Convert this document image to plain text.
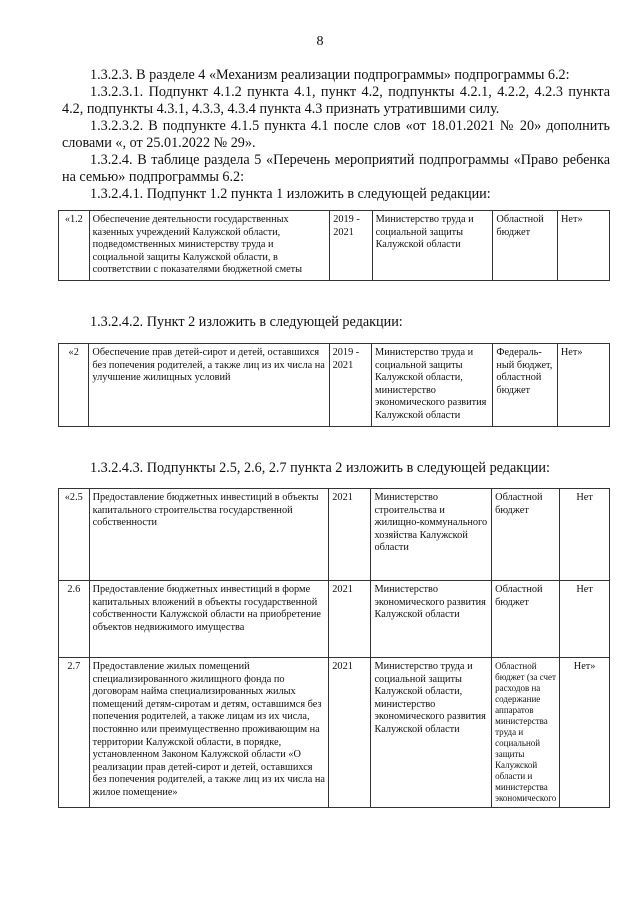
8

1.3.2.3. В разделе 4 «Механизм реализации подпрограммы» подпрограммы 6.2:

1.3.2.3.1. Подпункт 4.1.2 пункта 4.1, пункт 4.2, подпункты 4.2.1, 4.2.2, 4.2.3 пункта 4.2, подпункты 4.3.1, 4.3.3, 4.3.4 пункта 4.3 признать утратившими силу.

1.3.2.3.2. В подпункте 4.1.5 пункта 4.1 после слов «от 18.01.2021 № 20» дополнить словами «, от 25.01.2022 № 29».

1.3.2.4. В таблице раздела 5 «Перечень мероприятий подпрограммы «Право ребенка на семью» подпрограммы 6.2:

1.3.2.4.1. Подпункт 1.2 пункта 1 изложить в следующей редакции:

«1.2	Обеспечение деятельности государственных казенных учреждений Калужской области, подведомственных министерству труда и социальной защиты Калужской области, в соответствии с показателями бюджетной сметы	2019 - 2021	Министерство труда и социальной защиты Калужской области	Областной бюджет	Нет»

1.3.2.4.2. Пункт 2 изложить в следующей редакции:

«2	Обеспечение прав детей-сирот и детей, оставшихся без попечения родителей, а также лиц из их числа на улучшение жилищных условий	2019 - 2021	Министерство труда и социальной защиты Калужской области, министерство экономического развития Калужской области	Федераль-ный бюджет, областной бюджет	Нет»

1.3.2.4.3. Подпункты 2.5, 2.6, 2.7 пункта 2 изложить в следующей редакции:

«2.5	Предоставление бюджетных инвестиций в объекты капитального строительства государственной собственности	2021	Министерство строительства и жилищно-коммунального хозяйства Калужской области	Областной бюджет	Нет
2.6	Предоставление бюджетных инвестиций в форме капитальных вложений в объекты государственной собственности Калужской области на приобретение объектов недвижимого имущества	2021	Министерство экономического развития Калужской области	Областной бюджет	Нет
2.7	Предоставление жилых помещений специализированного жилищного фонда по договорам найма специализированных жилых помещений детям-сиротам и детям, оставшимся без попечения родителей, а также лицам из их числа, постоянно или преимущественно проживающим на территории Калужской области, в порядке, установленном Законом Калужской области «О реализации прав детей-сирот и детей, оставшихся без попечения родителей, а также лиц из их числа на жилое помещение»	2021	Министерство труда и социальной защиты Калужской области, министерство экономического развития Калужской области	Областной бюджет (за счет расходов на содержание аппаратов министерства труда и социальной защиты Калужской области и министерства экономического	Нет»
